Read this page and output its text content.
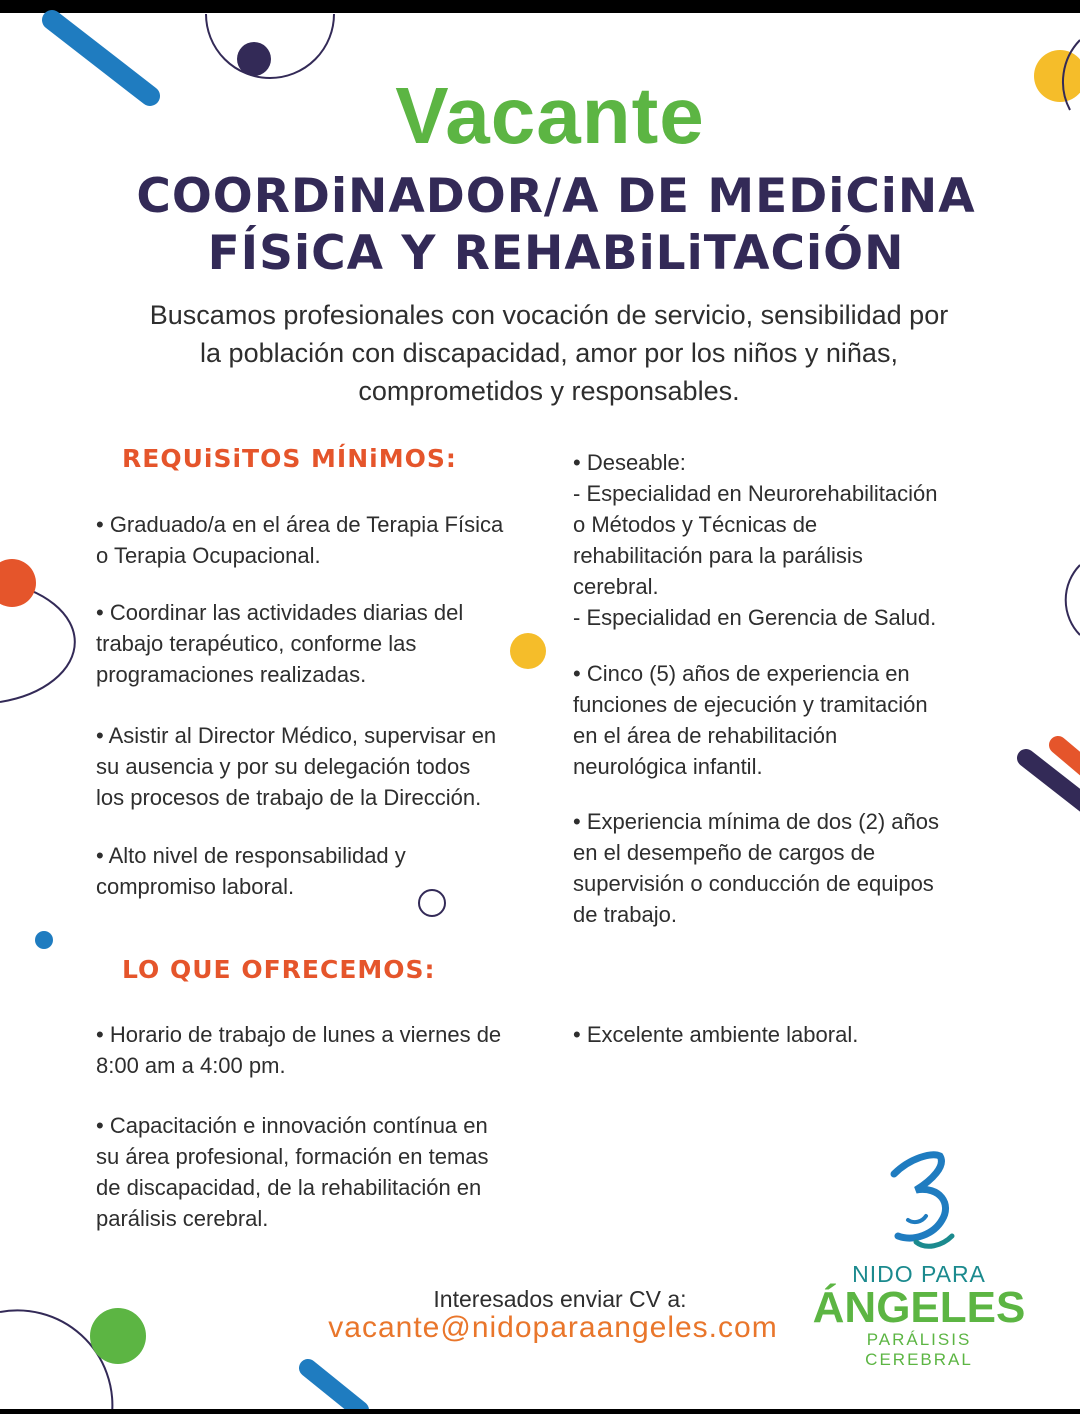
Vacante
COORDiNADOR/A DE MEDiCiNA
FÍSiCA Y REHABiLiTACiÓN
Buscamos profesionales con vocación de servicio, sensibilidad por
la población con discapacidad, amor por los niños y niñas,
comprometidos y responsables.
REQUiSiTOS MÍNiMOS:
• Graduado/a en el área de Terapia Física
o Terapia Ocupacional.
• Coordinar las actividades diarias del
trabajo terapéutico, conforme las
programaciones realizadas.
• Asistir al Director Médico, supervisar en
su ausencia y por su delegación todos
los procesos de trabajo de la Dirección.
• Alto nivel de responsabilidad y
compromiso laboral.
• Deseable:
- Especialidad en Neurorehabilitación
o Métodos y Técnicas de
rehabilitación para la parálisis
cerebral.
- Especialidad en Gerencia de Salud.
• Cinco (5) años de experiencia en
funciones de ejecución y tramitación
en el área de rehabilitación
neurológica infantil.
• Experiencia mínima de dos (2) años
en el desempeño de cargos de
supervisión o conducción de equipos
de trabajo.
LO QUE OFRECEMOS:
• Horario de trabajo de lunes a viernes de
8:00 am a 4:00 pm.
• Capacitación e innovación contínua en
su área profesional, formación en temas
de discapacidad, de la rehabilitación en
parálisis cerebral.
• Excelente ambiente laboral.
Interesados enviar CV a:
vacante@nidoparaangeles.com
NIDO PARA
ÁNGELES
PARÁLISIS CEREBRAL
